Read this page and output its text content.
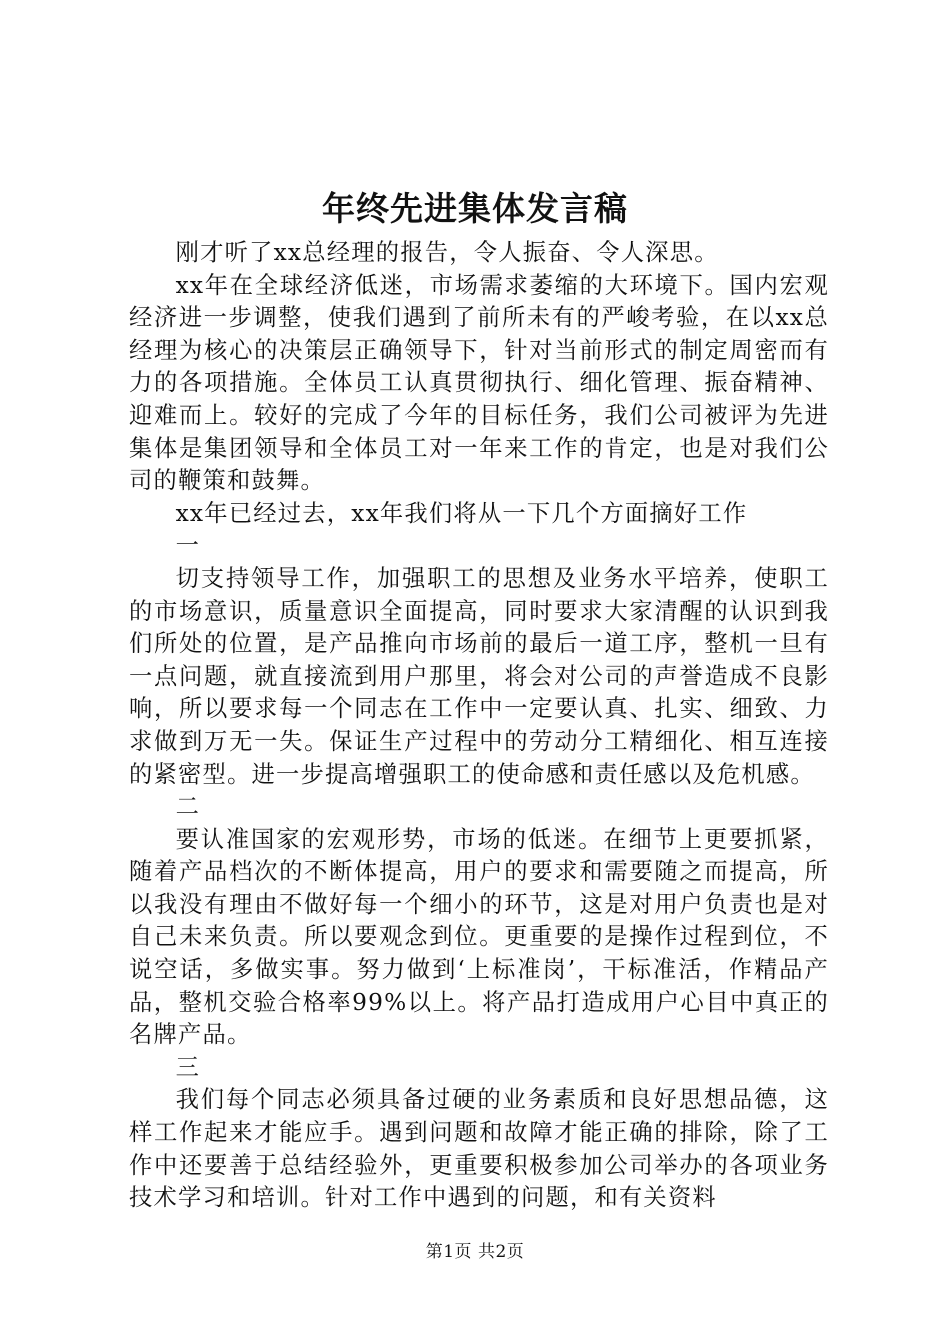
年终先进集体发言稿

刚才听了xx总经理的报告，令人振奋、令人深思。

xx年在全球经济低迷，市场需求萎缩的大环境下。国内宏观经济进一步调整，使我们遇到了前所未有的严峻考验，在以xx总经理为核心的决策层正确领导下，针对当前形式的制定周密而有力的各项措施。全体员工认真贯彻执行、细化管理、振奋精神、迎难而上。较好的完成了今年的目标任务，我们公司被评为先进集体是集团领导和全体员工对一年来工作的肯定，也是对我们公司的鞭策和鼓舞。

xx年已经过去，xx年我们将从一下几个方面摘好工作

一

切支持领导工作，加强职工的思想及业务水平培养，使职工的市场意识，质量意识全面提高，同时要求大家清醒的认识到我们所处的位置，是产品推向市场前的最后一道工序，整机一旦有一点问题，就直接流到用户那里，将会对公司的声誉造成不良影响，所以要求每一个同志在工作中一定要认真、扎实、细致、力求做到万无一失。保证生产过程中的劳动分工精细化、相互连接的紧密型。进一步提高增强职工的使命感和责任感以及危机感。

二

要认准国家的宏观形势，市场的低迷。在细节上更要抓紧，随着产品档次的不断体提高，用户的要求和需要随之而提高，所以我没有理由不做好每一个细小的环节，这是对用户负责也是对自己未来负责。所以要观念到位。更重要的是操作过程到位，不说空话，多做实事。努力做到‘上标准岗’，干标准活，作精品产品，整机交验合格率99%以上。将产品打造成用户心目中真正的名牌产品。

三

我们每个同志必须具备过硬的业务素质和良好思想品德，这样工作起来才能应手。遇到问题和故障才能正确的排除，除了工作中还要善于总结经验外，更重要积极参加公司举办的各项业务技术学习和培训。针对工作中遇到的问题，和有关资料

第1页 共2页
